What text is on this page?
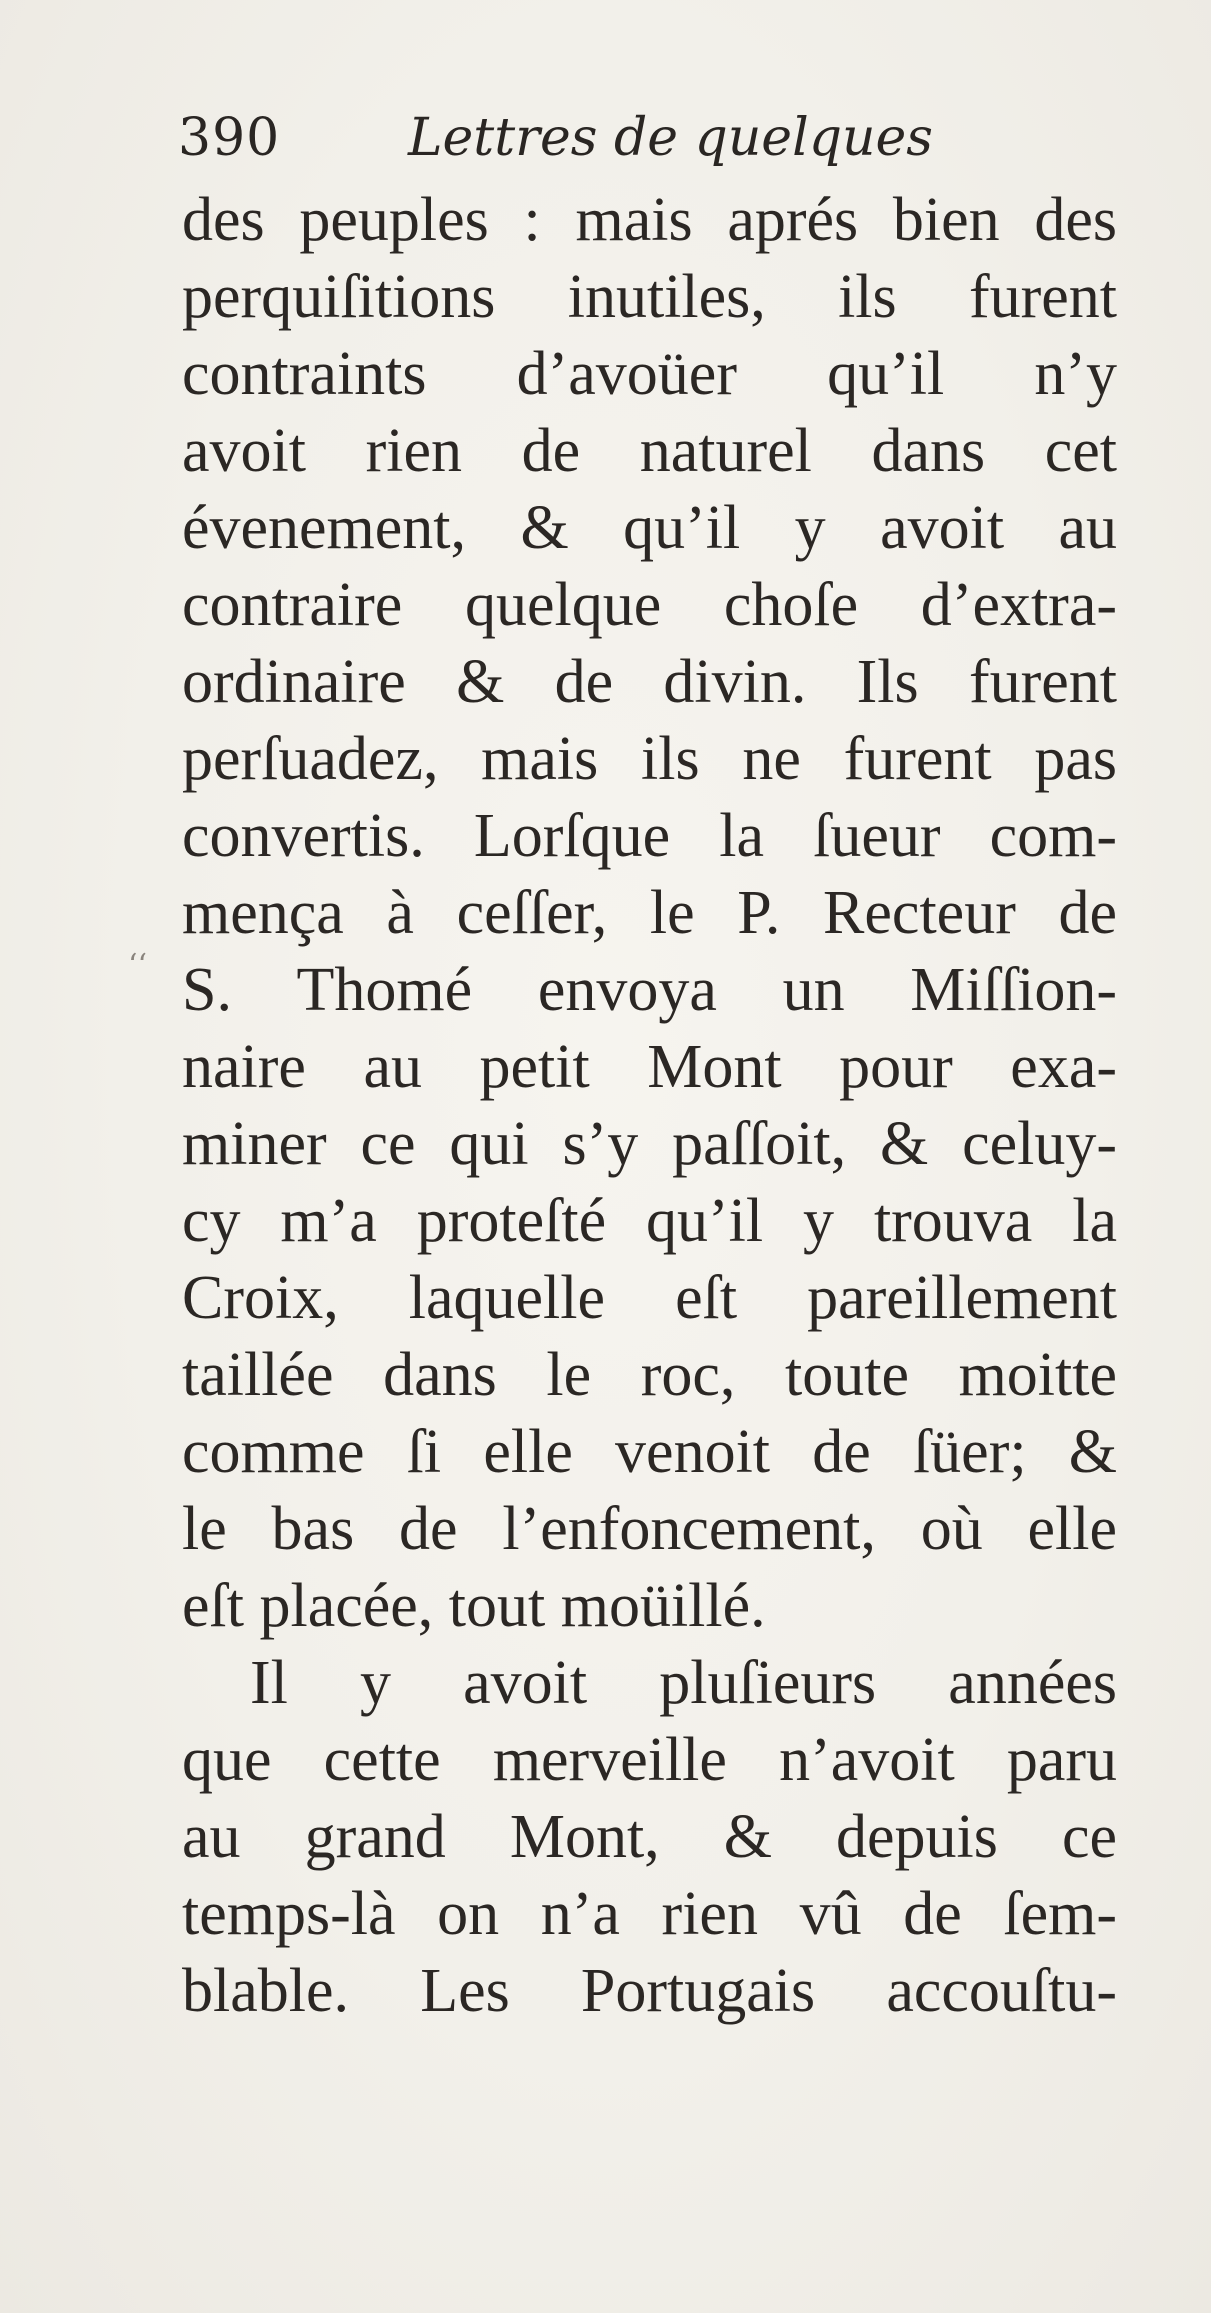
390 Lettres de quelques
‘‘
des peuples : mais aprés bien des
perquiſitions inutiles, ils furent
contraints d’avoüer qu’il n’y
avoit rien de naturel dans cet
évenement, & qu’il y avoit au
contraire quelque choſe d’extra-
ordinaire & de divin. Ils furent
perſuadez, mais ils ne furent pas
convertis. Lorſque la ſueur com-
mença à ceſſer, le P. Recteur de
S. Thomé envoya un Miſſion-
naire au petit Mont pour exa-
miner ce qui s’y paſſoit, & celuy-
cy m’a proteſté qu’il y trouva la
Croix, laquelle eſt pareillement
taillée dans le roc, toute moitte
comme ſi elle venoit de ſüer; &
le bas de l’enfoncement, où elle
eſt placée, tout moüillé.
Il y avoit pluſieurs années
que cette merveille n’avoit paru
au grand Mont, & depuis ce
temps-là on n’a rien vû de ſem-
blable. Les Portugais accouſtu-
